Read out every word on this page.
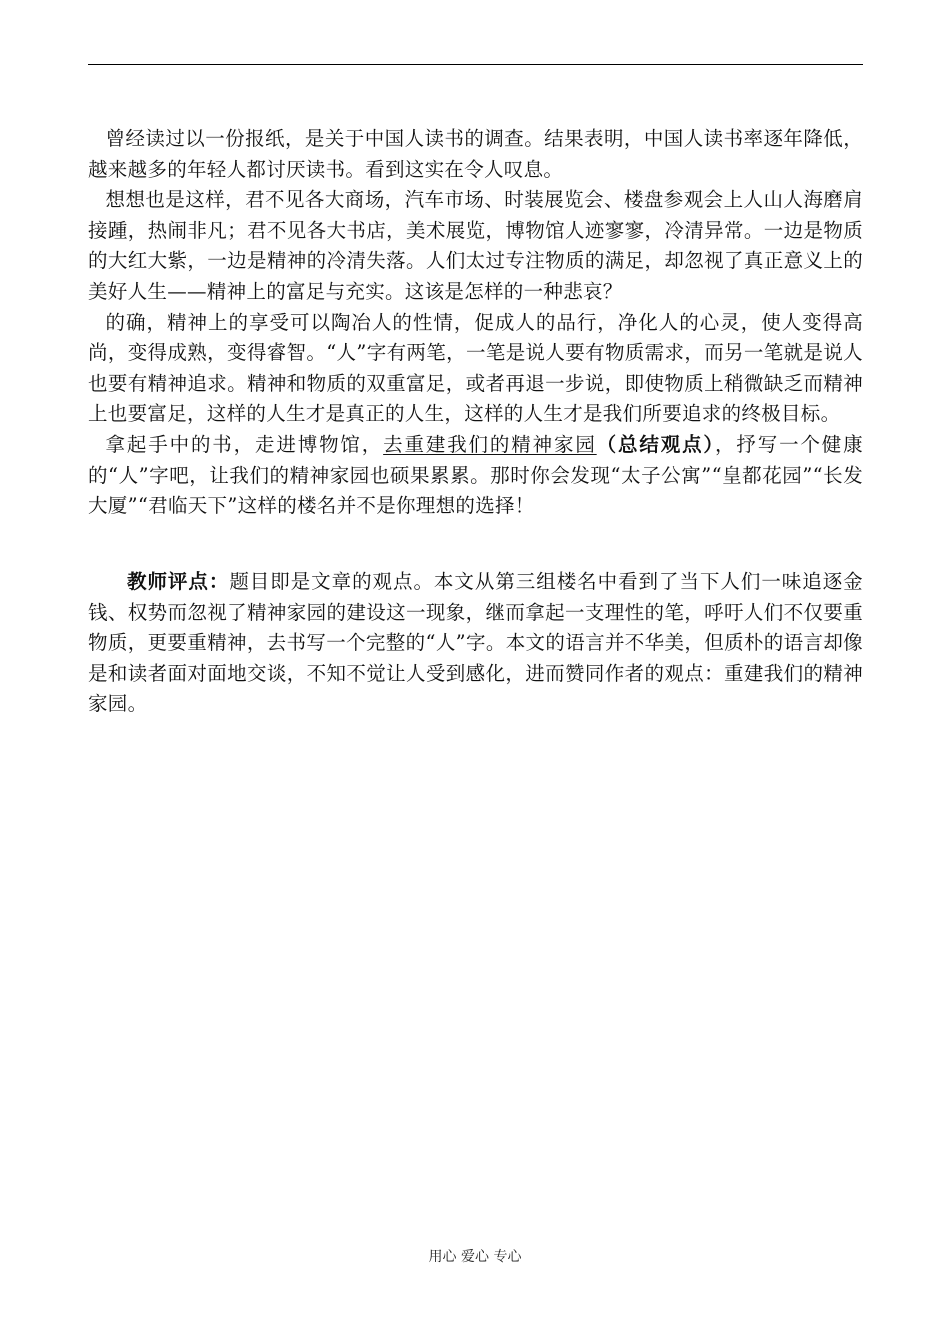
曾经读过以一份报纸，是关于中国人读书的调查。结果表明，中国人读书率逐年降低，越来越多的年轻人都讨厌读书。看到这实在令人叹息。

想想也是这样，君不见各大商场，汽车市场、时装展览会、楼盘参观会上人山人海磨肩接踵，热闹非凡；君不见各大书店，美术展览，博物馆人迹寥寥，冷清异常。一边是物质的大红大紫，一边是精神的冷清失落。人们太过专注物质的满足，却忽视了真正意义上的美好人生——精神上的富足与充实。这该是怎样的一种悲哀？

的确，精神上的享受可以陶冶人的性情，促成人的品行，净化人的心灵，使人变得高尚，变得成熟，变得睿智。“人”字有两笔，一笔是说人要有物质需求，而另一笔就是说人也要有精神追求。精神和物质的双重富足，或者再退一步说，即使物质上稍微缺乏而精神上也要富足，这样的人生才是真正的人生，这样的人生才是我们所要追求的终极目标。

拿起手中的书，走进博物馆，去重建我们的精神家园（总结观点），抒写一个健康的“人”字吧，让我们的精神家园也硕果累累。那时你会发现“太子公寓”“皇都花园”“长发大厦”“君临天下”这样的楼名并不是你理想的选择！

教师评点：题目即是文章的观点。本文从第三组楼名中看到了当下人们一味追逐金钱、权势而忽视了精神家园的建设这一现象，继而拿起一支理性的笔，呼吁人们不仅要重物质，更要重精神，去书写一个完整的“人”字。本文的语言并不华美，但质朴的语言却像是和读者面对面地交谈，不知不觉让人受到感化，进而赞同作者的观点：重建我们的精神家园。

用心 爱心 专心
